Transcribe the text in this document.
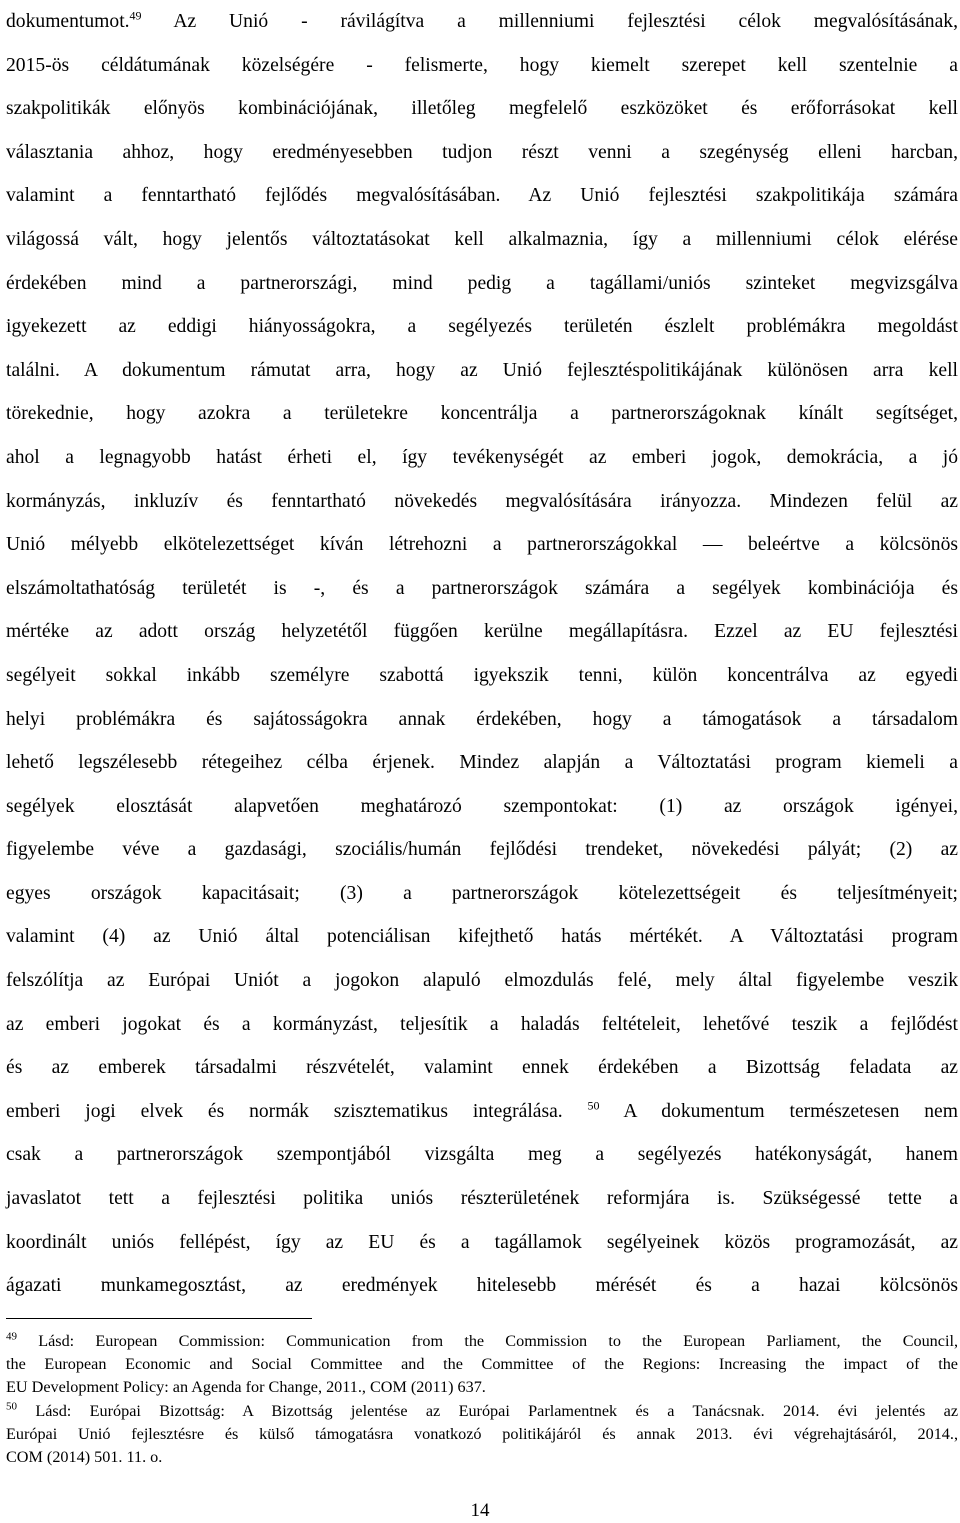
dokumentumot.$^{49}$ Az Unió - rávilágítva a millenniumi fejlesztési célok megvalósításának,
2015-ös céldátumának közelségére - felismerte, hogy kiemelt szerepet kell szentelnie a
szakpolitikák előnyös kombinációjának, illetőleg megfelelő eszközöket és erőforrásokat kell
választania ahhoz, hogy eredményesebben tudjon részt venni a szegénység elleni harcban,
valamint a fenntartható fejlődés megvalósításában. Az Unió fejlesztési szakpolitikája számára
világossá vált, hogy jelentős változtatásokat kell alkalmaznia, így a millenniumi célok elérése
érdekében mind a partnerországi, mind pedig a tagállami/uniós szinteket megvizsgálva
igyekezett az eddigi hiányosságokra, a segélyezés területén észlelt problémákra megoldást
találni. A dokumentum rámutat arra, hogy az Unió fejlesztéspolitikájának különösen arra kell
törekednie, hogy azokra a területekre koncentrálja a partnerországoknak kínált segítséget,
ahol a legnagyobb hatást érheti el, így tevékenységét az emberi jogok, demokrácia, a jó
kormányzás, inkluzív és fenntartható növekedés megvalósítására irányozza. Mindezen felül az
Unió mélyebb elkötelezettséget kíván létrehozni a partnerországokkal ― beleértve a kölcsönös
elszámoltathatóság területét is -, és a partnerországok számára a segélyek kombinációja és
mértéke az adott ország helyzetétől függően kerülne megállapításra. Ezzel az EU fejlesztési
segélyeit sokkal inkább személyre szabottá igyekszik tenni, külön koncentrálva az egyedi
helyi problémákra és sajátosságokra annak érdekében, hogy a támogatások a társadalom
lehető legszélesebb rétegeihez célba érjenek. Mindez alapján a Változtatási program kiemeli a
segélyek elosztását alapvetően meghatározó szempontokat: (1) az országok igényei,
figyelembe véve a gazdasági, szociális/humán fejlődési trendeket, növekedési pályát; (2) az
egyes országok kapacitásait; (3) a partnerországok kötelezettségeit és teljesítményeit;
valamint (4) az Unió által potenciálisan kifejthető hatás mértékét. A Változtatási program
felszólítja az Európai Uniót a jogokon alapuló elmozdulás felé, mely által figyelembe veszik
az emberi jogokat és a kormányzást, teljesítik a haladás feltételeit, lehetővé teszik a fejlődést
és az emberek társadalmi részvételét, valamint ennek érdekében a Bizottság feladata az
emberi jogi elvek és normák szisztematikus integrálása. $^{50}$ A dokumentum természetesen nem
csak a partnerországok szempontjából vizsgálta meg a segélyezés hatékonyságát, hanem
javaslatot tett a fejlesztési politika uniós részterületének reformjára is. Szükségessé tette a
koordinált uniós fellépést, így az EU és a tagállamok segélyeinek közös programozását, az
ágazati munkamegosztást, az eredmények hitelesebb mérését és a hazai kölcsönös
$^{49}$ Lásd: European Commission: Communication from the Commission to the European Parliament, the Council,
the European Economic and Social Committee and the Committee of the Regions: Increasing the impact of the
EU Development Policy: an Agenda for Change, 2011., COM (2011) 637.
$^{50}$ Lásd: Európai Bizottság: A Bizottság jelentése az Európai Parlamentnek és a Tanácsnak. 2014. évi jelentés az
Európai Unió fejlesztésre és külső támogatásra vonatkozó politikájáról és annak 2013. évi végrehajtásáról, 2014.,
COM (2014) 501. 11. o.
14
